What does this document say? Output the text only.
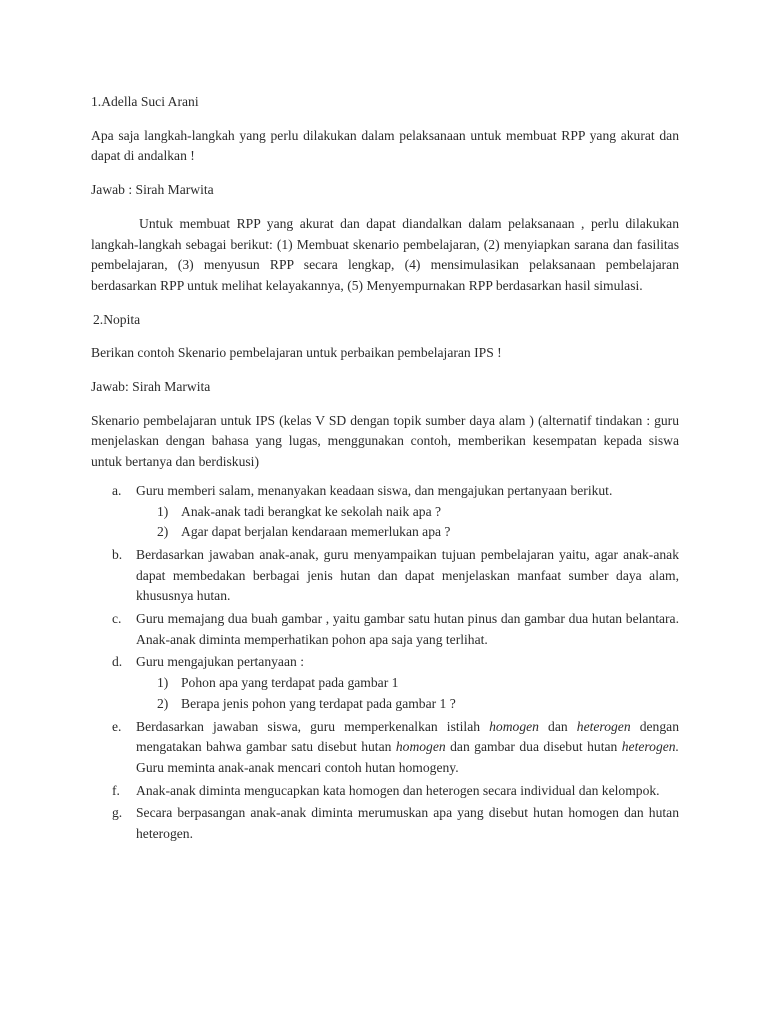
1.Adella Suci Arani

Apa saja langkah-langkah yang perlu dilakukan dalam pelaksanaan untuk membuat RPP yang akurat dan dapat di andalkan !

Jawab : Sirah Marwita

Untuk membuat RPP yang akurat dan dapat diandalkan dalam pelaksanaan , perlu dilakukan langkah-langkah sebagai berikut: (1) Membuat skenario pembelajaran, (2) menyiapkan sarana dan fasilitas pembelajaran, (3) menyusun RPP secara lengkap, (4) mensimulasikan pelaksanaan pembelajaran berdasarkan RPP untuk melihat kelayakannya, (5) Menyempurnakan RPP berdasarkan hasil simulasi.

2.Nopita

Berikan contoh Skenario pembelajaran untuk perbaikan pembelajaran IPS !

Jawab: Sirah Marwita

Skenario pembelajaran untuk IPS (kelas V SD dengan topik sumber daya alam ) (alternatif tindakan : guru menjelaskan dengan bahasa yang lugas, menggunakan contoh, memberikan kesempatan kepada siswa untuk bertanya dan berdiskusi)

a. Guru memberi salam, menanyakan keadaan siswa, dan mengajukan pertanyaan berikut.
1) Anak-anak tadi berangkat ke sekolah naik apa ?
2) Agar dapat berjalan kendaraan memerlukan apa ?
b. Berdasarkan jawaban anak-anak, guru menyampaikan tujuan pembelajaran yaitu, agar anak-anak dapat membedakan berbagai jenis hutan dan dapat menjelaskan manfaat sumber daya alam, khususnya hutan.
c. Guru memajang dua buah gambar , yaitu gambar satu hutan pinus dan gambar dua hutan belantara. Anak-anak diminta memperhatikan pohon apa saja yang terlihat.
d. Guru mengajukan pertanyaan :
1) Pohon apa yang terdapat pada gambar 1
2) Berapa jenis pohon yang terdapat pada gambar 1 ?
e. Berdasarkan jawaban siswa, guru memperkenalkan istilah homogen dan heterogen dengan mengatakan bahwa gambar satu disebut hutan homogen dan gambar dua disebut hutan heterogen. Guru meminta anak-anak mencari contoh hutan homogeny.
f. Anak-anak diminta mengucapkan kata homogen dan heterogen secara individual dan kelompok.
g. Secara berpasangan anak-anak diminta merumuskan apa yang disebut hutan homogen dan hutan heterogen.
